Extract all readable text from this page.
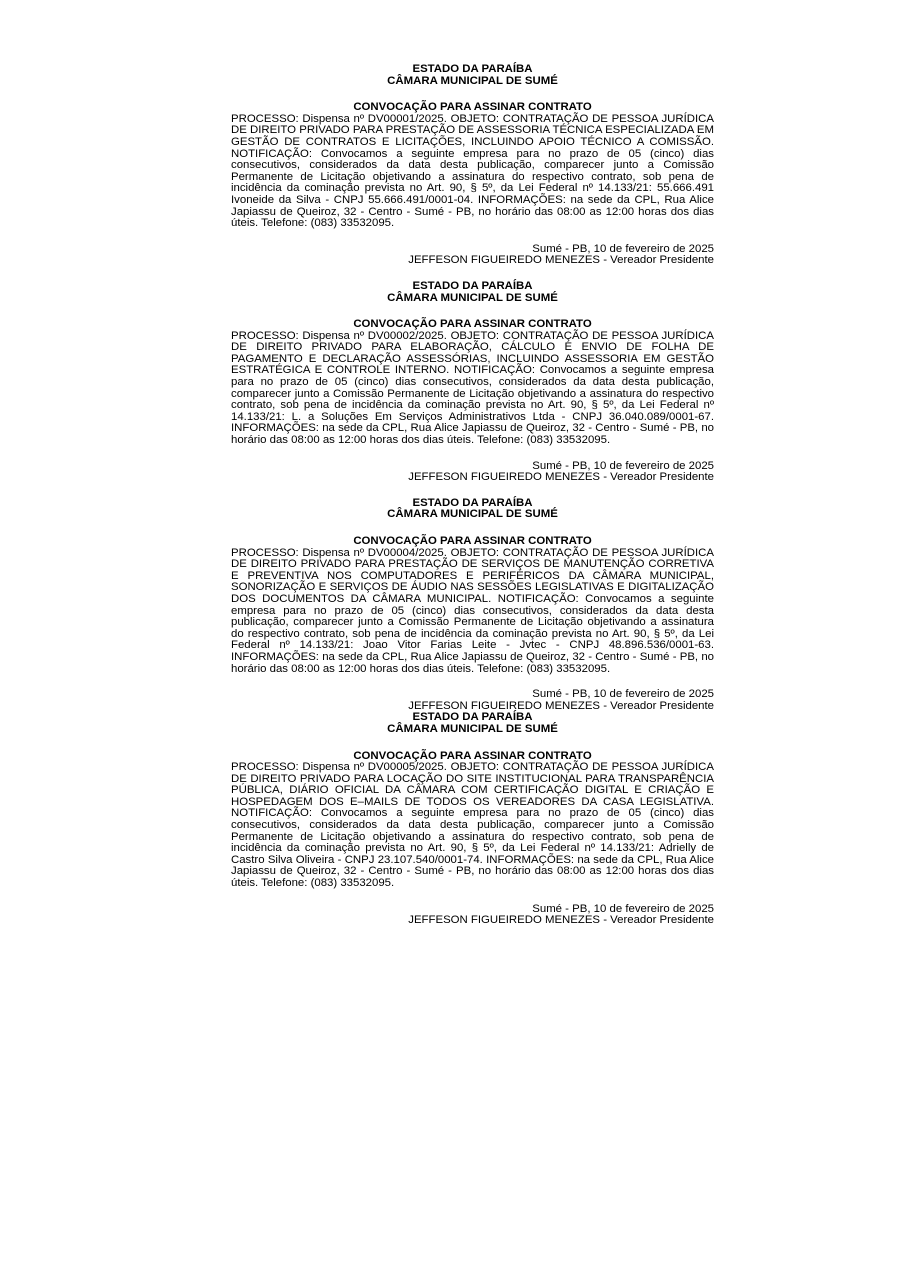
ESTADO DA PARAÍBA
CÂMARA MUNICIPAL DE SUMÉ
CONVOCAÇÃO PARA ASSINAR CONTRATO

PROCESSO: Dispensa nº DV00001/2025. OBJETO: CONTRATAÇÃO DE PESSOA JURÍDICA DE DIREITO PRIVADO PARA PRESTAÇÃO DE ASSESSORIA TÉCNICA ESPECIALIZADA EM GESTÃO DE CONTRATOS E LICITAÇÕES, INCLUINDO APOIO TÉCNICO A COMISSÃO. NOTIFICAÇÃO: Convocamos a seguinte empresa para no prazo de 05 (cinco) dias consecutivos, considerados da data desta publicação, comparecer junto a Comissão Permanente de Licitação objetivando a assinatura do respectivo contrato, sob pena de incidência da cominação prevista no Art. 90, § 5º, da Lei Federal nº 14.133/21: 55.666.491 Ivoneide da Silva - CNPJ 55.666.491/0001-04. INFORMAÇÕES: na sede da CPL, Rua Alice Japiassu de Queiroz, 32 - Centro - Sumé - PB, no horário das 08:00 as 12:00 horas dos dias úteis. Telefone: (083) 33532095.

Sumé - PB, 10 de fevereiro de 2025
JEFFESON FIGUEIREDO MENEZES - Vereador Presidente
ESTADO DA PARAÍBA
CÂMARA MUNICIPAL DE SUMÉ
CONVOCAÇÃO PARA ASSINAR CONTRATO

PROCESSO: Dispensa nº DV00002/2025. OBJETO: CONTRATAÇÃO DE PESSOA JURÍDICA DE DIREITO PRIVADO PARA ELABORAÇÃO, CÁLCULO E ENVIO DE FOLHA DE PAGAMENTO E DECLARAÇÃO ASSESSÓRIAS, INCLUINDO ASSESSORIA EM GESTÃO ESTRATÉGICA E CONTROLE INTERNO. NOTIFICAÇÃO: Convocamos a seguinte empresa para no prazo de 05 (cinco) dias consecutivos, considerados da data desta publicação, comparecer junto a Comissão Permanente de Licitação objetivando a assinatura do respectivo contrato, sob pena de incidência da cominação prevista no Art. 90, § 5º, da Lei Federal nº 14.133/21: L. a Soluções Em Serviços Administrativos Ltda - CNPJ 36.040.089/0001-67. INFORMAÇÕES: na sede da CPL, Rua Alice Japiassu de Queiroz, 32 - Centro - Sumé - PB, no horário das 08:00 as 12:00 horas dos dias úteis. Telefone: (083) 33532095.

Sumé - PB, 10 de fevereiro de 2025
JEFFESON FIGUEIREDO MENEZES - Vereador Presidente
ESTADO DA PARAÍBA
CÂMARA MUNICIPAL DE SUMÉ
CONVOCAÇÃO PARA ASSINAR CONTRATO

PROCESSO: Dispensa nº DV00004/2025. OBJETO: CONTRATAÇÃO DE PESSOA JURÍDICA DE DIREITO PRIVADO PARA PRESTAÇÃO DE SERVIÇOS DE MANUTENÇÃO CORRETIVA E PREVENTIVA NOS COMPUTADORES E PERIFÉRICOS DA CÂMARA MUNICIPAL, SONORIZAÇÃO E SERVIÇOS DE ÁUDIO NAS SESSÕES LEGISLATIVAS E DIGITALIZAÇÃO DOS DOCUMENTOS DA CÂMARA MUNICIPAL. NOTIFICAÇÃO: Convocamos a seguinte empresa para no prazo de 05 (cinco) dias consecutivos, considerados da data desta publicação, comparecer junto a Comissão Permanente de Licitação objetivando a assinatura do respectivo contrato, sob pena de incidência da cominação prevista no Art. 90, § 5º, da Lei Federal nº 14.133/21: Joao Vitor Farias Leite - Jvtec - CNPJ 48.896.536/0001-63. INFORMAÇÕES: na sede da CPL, Rua Alice Japiassu de Queiroz, 32 - Centro - Sumé - PB, no horário das 08:00 as 12:00 horas dos dias úteis. Telefone: (083) 33532095.

Sumé - PB, 10 de fevereiro de 2025
JEFFESON FIGUEIREDO MENEZES - Vereador Presidente
ESTADO DA PARAÍBA
CÂMARA MUNICIPAL DE SUMÉ
CONVOCAÇÃO PARA ASSINAR CONTRATO

PROCESSO: Dispensa nº DV00005/2025. OBJETO: CONTRATAÇÃO DE PESSOA JURÍDICA DE DIREITO PRIVADO PARA LOCAÇÃO DO SITE INSTITUCIONAL PARA TRANSPARÊNCIA PÚBLICA, DIÁRIO OFICIAL DA CÂMARA COM CERTIFICAÇÃO DIGITAL E CRIAÇÃO E HOSPEDAGEM DOS E–MAILS DE TODOS OS VEREADORES DA CASA LEGISLATIVA. NOTIFICAÇÃO: Convocamos a seguinte empresa para no prazo de 05 (cinco) dias consecutivos, considerados da data desta publicação, comparecer junto a Comissão Permanente de Licitação objetivando a assinatura do respectivo contrato, sob pena de incidência da cominação prevista no Art. 90, § 5º, da Lei Federal nº 14.133/21: Adrielly de Castro Silva Oliveira - CNPJ 23.107.540/0001-74. INFORMAÇÕES: na sede da CPL, Rua Alice Japiassu de Queiroz, 32 - Centro - Sumé - PB, no horário das 08:00 as 12:00 horas dos dias úteis. Telefone: (083) 33532095.

Sumé - PB, 10 de fevereiro de 2025
JEFFESON FIGUEIREDO MENEZES - Vereador Presidente
